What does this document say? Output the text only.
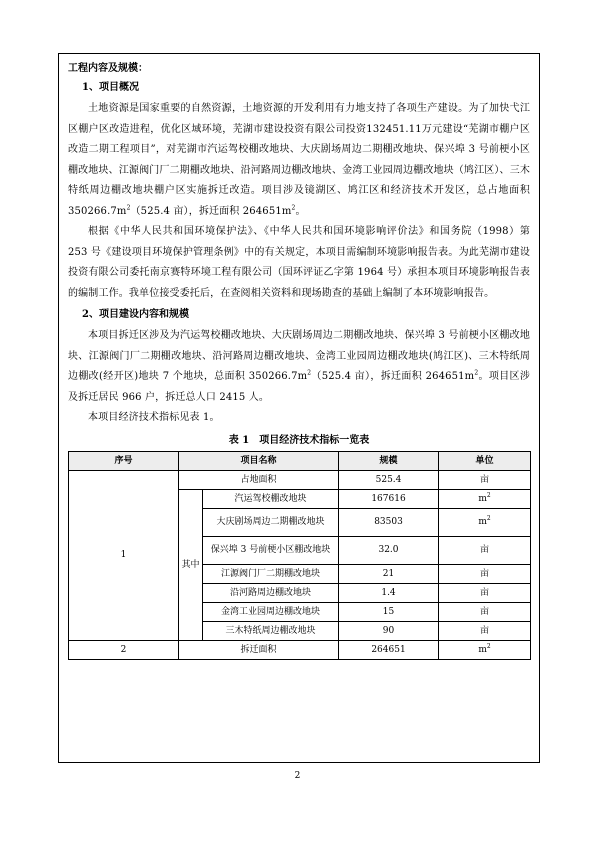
工程内容及规模：
1、项目概况

土地资源是国家重要的自然资源，土地资源的开发利用有力地支持了各项生产建设。为了加快弋江区棚户区改造进程，优化区域环境，芜湖市建设投资有限公司投资132451.11万元建设“芜湖市棚户区改造二期工程项目”，对芜湖市汽运驾校棚改地块、大庆剧场周边二期棚改地块、保兴埠 3 号前梗小区棚改地块、江源阀门厂二期棚改地块、沿河路周边棚改地块、金湾工业园周边棚改地块（鸠江区）、三木特纸周边棚改地块棚户区实施拆迁改造。项目涉及镜湖区、鸠江区和经济技术开发区，总占地面积 $350266.7m^2(525.4$ 亩），拆迁面积 $264651m^2$。

根据《中华人民共和国环境保护法》、《中华人民共和国环境影响评价法》和国务院（1998）第 253 号《建设项目环境保护管理条例》中的有关规定，本项目需编制环境影响报告表。为此芜湖市建设投资有限公司委托南京赛特环境工程有限公司（国环评证乙字第 1964 号）承担本项目环境影响报告表的编制工作。我单位接受委托后，在查阅相关资料和现场勘查的基础上编制了本环境影响报告。

2、项目建设内容和规模

本项目拆迁区涉及为汽运驾校棚改地块、大庆剧场周边二期棚改地块、保兴埠 3 号前梗小区棚改地块、江源阀门厂二期棚改地块、沿河路周边棚改地块、金湾工业园周边棚改地块(鸠江区)、三木特纸周边棚改(经开区)地块 7 个地块，总面积 $350266.7m^2(525.4$ 亩），拆迁面积 $264651m^2$。项目区涉及拆迁居民 966 户，拆迁总人口 2415 人。

本项目经济技术指标见表 1。

表 1　项目经济技术指标一览表
序号	项目名称		规模	单位
1	占地面积		525.4	亩
	其中	汽运驾校棚改地块	167616	$m^2$
		大庆剧场周边二期棚改地块	83503	$m^2$
		保兴埠 3 号前梗小区棚改地块	32.0	亩
		江源阀门厂二期棚改地块	21	亩
		沿河路周边棚改地块	1.4	亩
		金湾工业园周边棚改地块	15	亩
		三木特纸周边棚改地块	90	亩
2	拆迁面积		264651	$m^2$
2
